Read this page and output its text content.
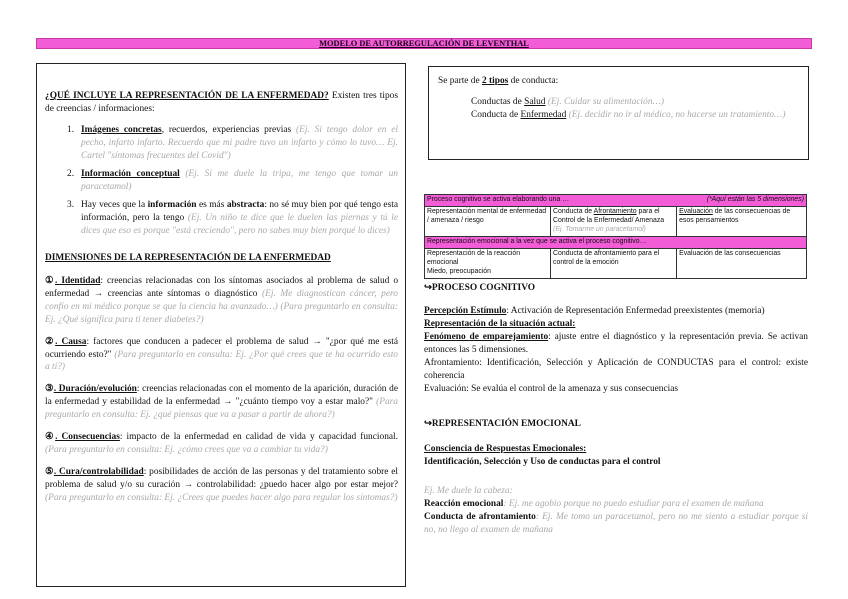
MODELO DE AUTORREGULACIÓN DE LEVENTHAL

¿QUÉ INCLUYE LA REPRESENTACIÓN DE LA ENFERMEDAD? Existen tres tipos de creencias / informaciones:

1. Imágenes concretas, recuerdos, experiencias previas (Ej. Si tengo dolor en el pecho, infarto infarto. Recuerdo que mi padre tuvo un infarto y cómo lo tuvo… Ej. Cartel "síntomas frecuentes del Covid")
2. Información conceptual (Ej. Si me duele la tripa, me tengo que tomar un paracetamol)
3. Hay veces que la información es más abstracta: no sé muy bien por qué tengo esta información, pero la tengo (Ej. Un niño te dice que le duelen las piernas y tú le dices que eso es porque "está creciendo", pero no sabes muy bien porqué lo dices)

DIMENSIONES DE LA REPRESENTACIÓN DE LA ENFERMEDAD

①. Identidad: creencias relacionadas con los síntomas asociados al problema de salud o enfermedad → creencias ante síntomas o diagnóstico (Ej. Me diagnostican cáncer, pero confío en mi médico porque se que la ciencia ha avanzado…) (Para preguntarlo en consulta: Ej. ¿Qué significa para ti tener diabetes?)

②. Causa: factores que conducen a padecer el problema de salud → "¿por qué me está ocurriendo esto?" (Para preguntarlo en consulta: Ej. ¿Por qué crees que te ha ocurrido esto a ti?)

③. Duración/evolución: creencias relacionadas con el momento de la aparición, duración de la enfermedad y estabilidad de la enfermedad → "¿cuánto tiempo voy a estar malo?" (Para preguntarlo en consulta: Ej. ¿qué piensas que va a pasar a partir de ahora?)

④. Consecuencias: impacto de la enfermedad en calidad de vida y capacidad funcional. (Para preguntarlo en consulta: Ej. ¿cómo crees que va a cambiar tu vida?)

⑤. Cura/controlabilidad: posibilidades de acción de las personas y del tratamiento sobre el problema de salud y/o su curación → controlabilidad: ¿puedo hacer algo por estar mejor? (Para preguntarlo en consulta: Ej. ¿Crees que puedes hacer algo para regular los síntomas?)

Se parte de 2 tipos de conducta:

Conductas de Salud (Ej. Cuidar su alimentación…)

Conducta de Enfermedad (Ej. decidir no ir al médico, no hacerse un tratamiento…)

Proceso cognitivo se activa elaborando una … (*Aquí están las 5 dimensiones)		

Representación mental de enfermedad / amenaza / riesgo	Conducta de Afrontamiento para el Control de la Enfermedad/ Amenaza (Ej. Tomarme un paracetamol)	Evaluación de las consecuencias de esos pensamientos
Representación emocional a la vez que se activa el proceso cognitivo…		

Representación de la reacción emocional
Miedo, preocupación	Conducta de afrontamiento para el control de la emoción	Evaluación de las consecuencias

↪PROCESO COGNITIVO

Percepción Estímulo: Activación de Representación Enfermedad preexistentes (memoria)

Representación de la situación actual:

Fenómeno de emparejamiento: ajuste entre el diagnóstico y la representación previa. Se activan entonces las 5 dimensiones.

Afrontamiento: Identificación, Selección y Aplicación de CONDUCTAS para el control: existe coherencia

Evaluación: Se evalúa el control de la amenaza y sus consecuencias

↪REPRESENTACIÓN EMOCIONAL

Consciencia de Respuestas Emocionales:

Identificación, Selección y Uso de conductas para el control

Ej. Me duele la cabeza:

Reacción emocional: Ej. me agobio porque no puedo estudiar para el examen de mañana

Conducta de afrontamiento: Ej. Me tomo un paracetamol, pero no me siento a estudiar porque si no, no llego al examen de mañana
